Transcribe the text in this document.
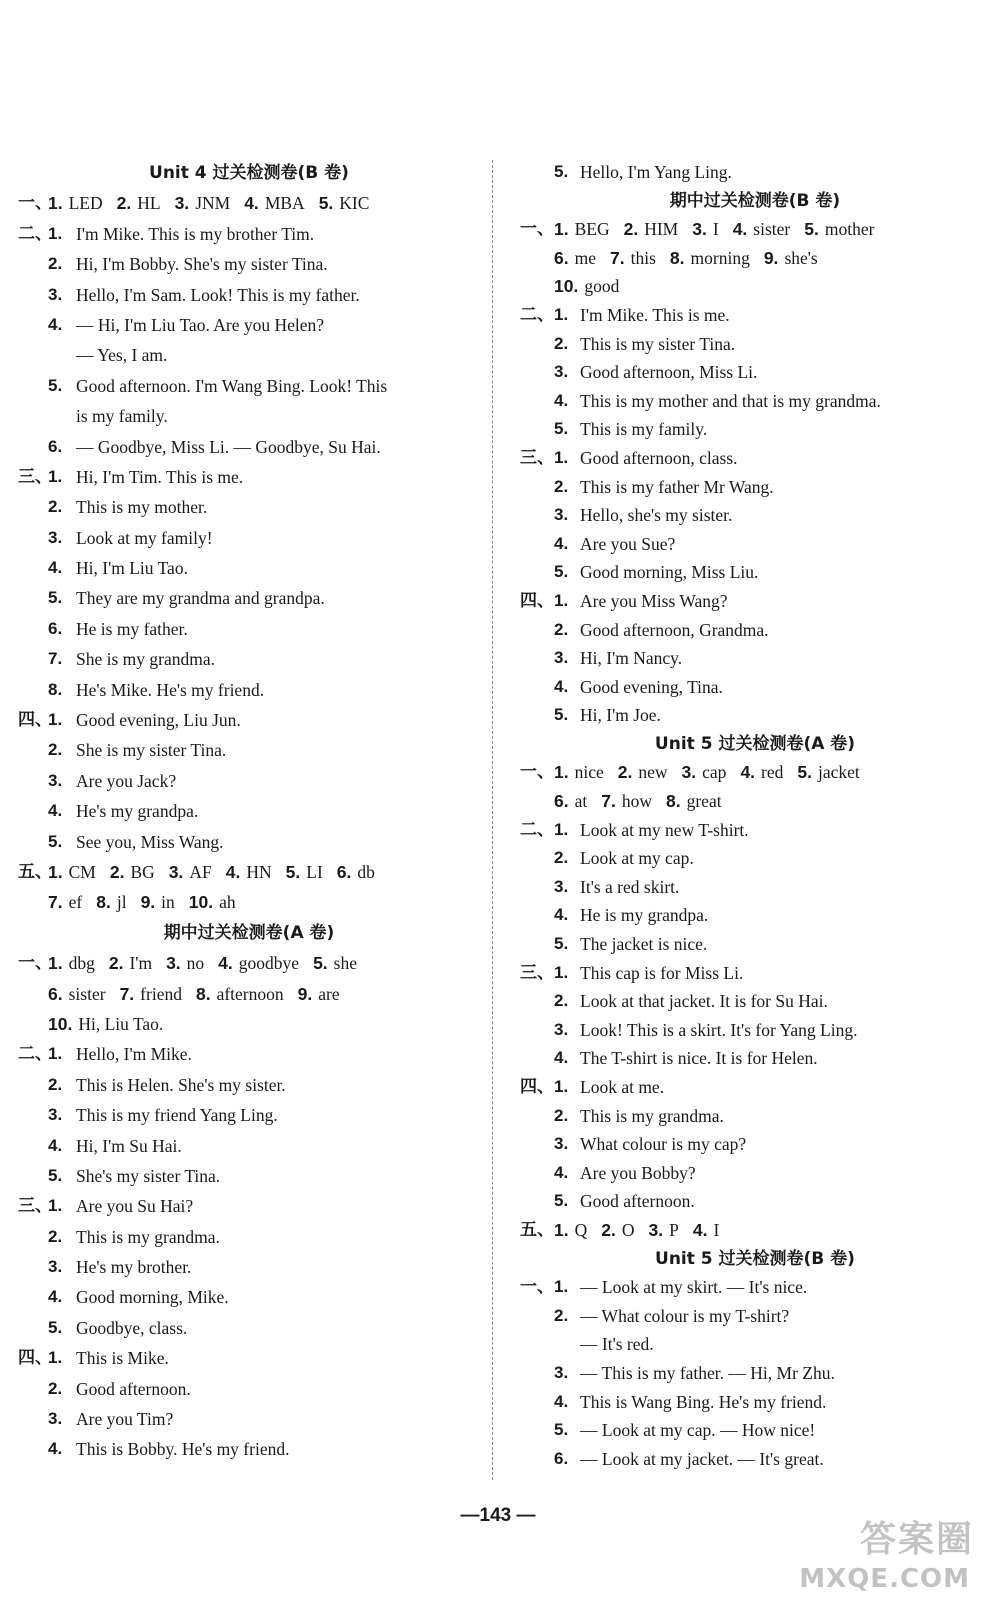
Unit 4 过关检测卷(B 卷)
一、
1. LED 2. HL 3. JNM 4. MBA 5. KIC
二、
1. I'm Mike. This is my brother Tim.
2. Hi, I'm Bobby. She's my sister Tina.
3. Hello, I'm Sam. Look! This is my father.
4. — Hi, I'm Liu Tao. Are you Helen?
— Yes, I am.
5. Good afternoon. I'm Wang Bing. Look! This
is my family.
6. — Goodbye, Miss Li. — Goodbye, Su Hai.
三、
1. Hi, I'm Tim. This is me.
2. This is my mother.
3. Look at my family!
4. Hi, I'm Liu Tao.
5. They are my grandma and grandpa.
6. He is my father.
7. She is my grandma.
8. He's Mike. He's my friend.
四、
1. Good evening, Liu Jun.
2. She is my sister Tina.
3. Are you Jack?
4. He's my grandpa.
5. See you, Miss Wang.
五、
1. CM 2. BG 3. AF 4. HN 5. LI 6. db
7. ef 8. jl 9. in 10. ah
期中过关检测卷(A 卷)
一、
1. dbg 2. I'm 3. no 4. goodbye 5. she
6. sister 7. friend 8. afternoon 9. are
10. Hi, Liu Tao.
二、
1. Hello, I'm Mike.
2. This is Helen. She's my sister.
3. This is my friend Yang Ling.
4. Hi, I'm Su Hai.
5. She's my sister Tina.
三、
1. Are you Su Hai?
2. This is my grandma.
3. He's my brother.
4. Good morning, Mike.
5. Goodbye, class.
四、
1. This is Mike.
2. Good afternoon.
3. Are you Tim?
4. This is Bobby. He's my friend.
5. Hello, I'm Yang Ling.
期中过关检测卷(B 卷)
一、 1. BEG 2. HIM 3. I 4. sister 5. mother
6. me 7. this 8. morning 9. she's
10. good
二、 1. I'm Mike. This is me.
2. This is my sister Tina.
3. Good afternoon, Miss Li.
4. This is my mother and that is my grandma.
5. This is my family.
三、 1. Good afternoon, class.
2. This is my father Mr Wang.
3. Hello, she's my sister.
4. Are you Sue?
5. Good morning, Miss Liu.
四、 1. Are you Miss Wang?
2. Good afternoon, Grandma.
3. Hi, I'm Nancy.
4. Good evening, Tina.
5. Hi, I'm Joe.
Unit 5 过关检测卷(A 卷)
一、 1. nice 2. new 3. cap 4. red 5. jacket
6. at 7. how 8. great
二、 1. Look at my new T-shirt.
2. Look at my cap.
3. It's a red skirt.
4. He is my grandpa.
5. The jacket is nice.
三、 1. This cap is for Miss Li.
2. Look at that jacket. It is for Su Hai.
3. Look! This is a skirt. It's for Yang Ling.
4. The T-shirt is nice. It is for Helen.
四、 1. Look at me.
2. This is my grandma.
3. What colour is my cap?
4. Are you Bobby?
5. Good afternoon.
五、 1. Q 2. O 3. P 4. I
Unit 5 过关检测卷(B 卷)
一、 1. — Look at my skirt. — It's nice.
2. — What colour is my T-shirt?
— It's red.
3. — This is my father. — Hi, Mr Zhu.
4. This is Wang Bing. He's my friend.
5. — Look at my cap. — How nice!
6. — Look at my jacket. — It's great.
—143 —
答案圈
MXQE.COM
